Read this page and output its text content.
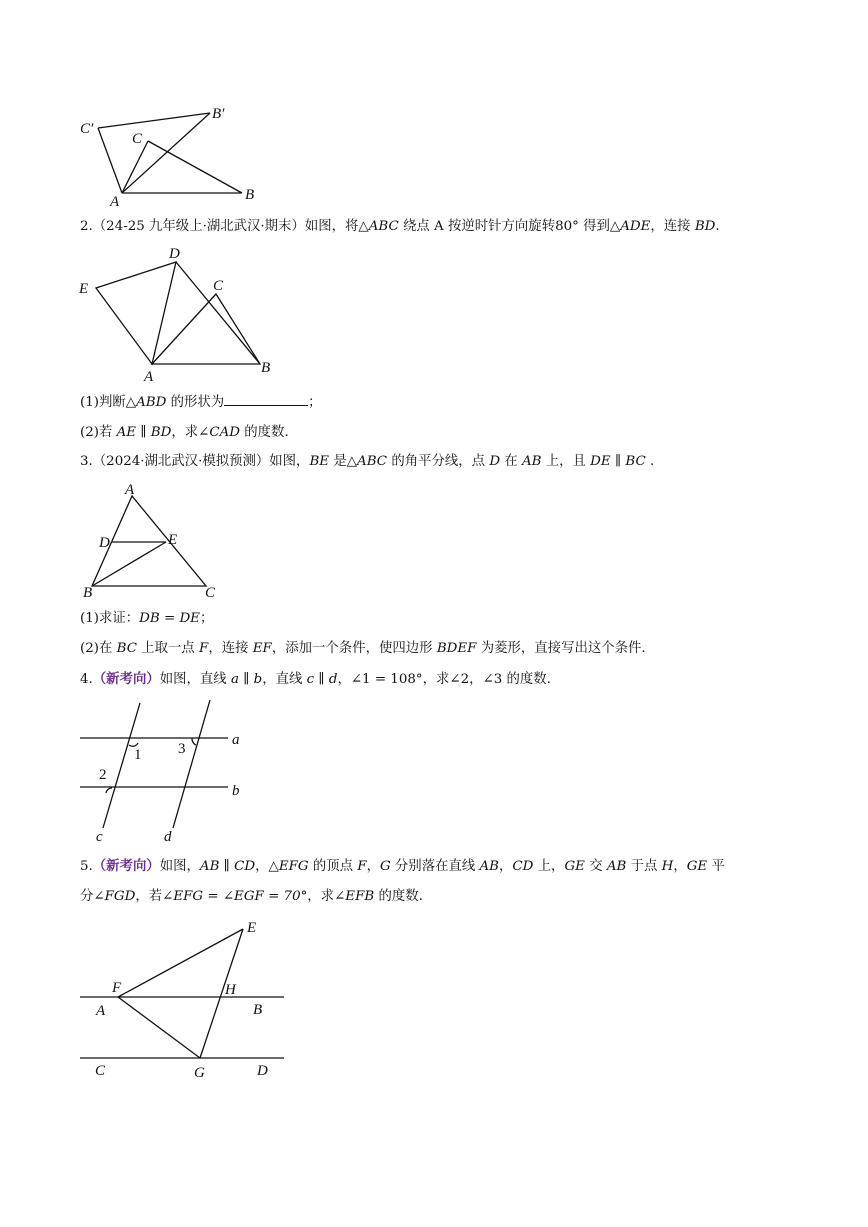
C′
B′
C
A	B
2.（24-25 九年级上·湖北武汉·期末）如图，将△ABC 绕点 A 按逆时针方向旋转80° 得到△ADE，连接 BD.
D
E	C
A
B
(1)判断△ABD 的形状为	；
(2)若 AE ∥ BD，求∠CAD 的度数.
3.（2024·湖北武汉·模拟预测）如图，BE 是△ABC 的角平分线，点 D 在 AB 上，且 DE ∥ BC .
A
D	E
B	C
(1)求证：DB = DE；
(2)在 BC 上取一点 F，连接 EF，添加一个条件，使四边形 BDEF 为菱形，直接写出这个条件.
4.（新考向）如图，直线 a ∥ b，直线 c ∥ d，∠1 = 108°，求∠2，∠3 的度数.
1
2
3
a
b
c	d
5.（新考向）如图，AB ∥ CD，△EFG 的顶点 F，G 分别落在直线 AB，CD 上，GE 交 AB 于点 H，GE 平
分∠FGD，若∠EFG = ∠EGF = 70°，求∠EFB 的度数.
E
F	H
A	B
C	G	D
